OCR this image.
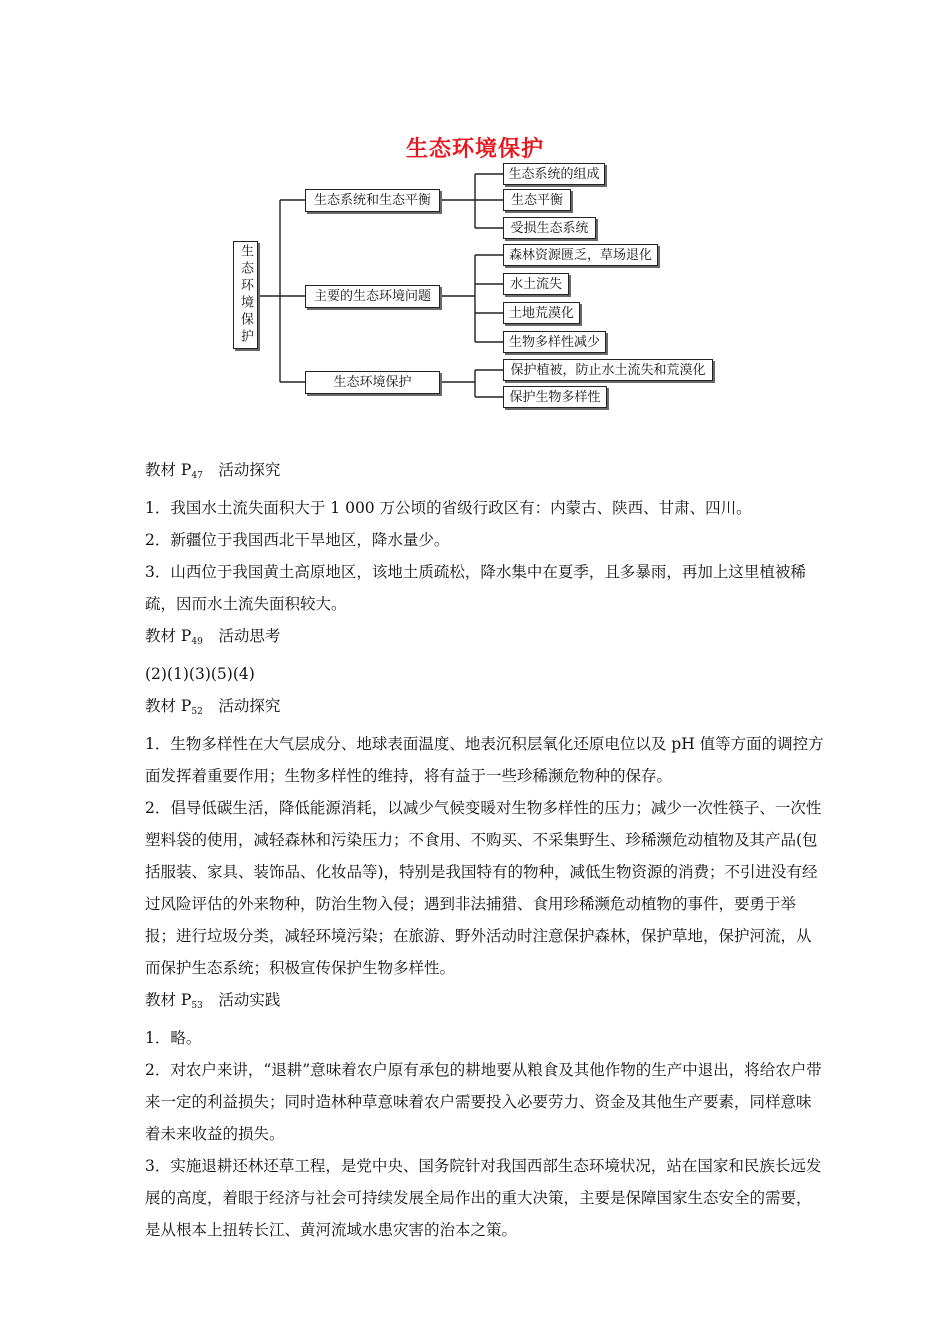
生态环境保护
生态环境保护
生态系统和生态平衡
主要的生态环境问题
生态环境保护
生态系统的组成
生态平衡
受损生态系统
森林资源匮乏，草场退化
水土流失
土地荒漠化
生物多样性减少
保护植被，防止水土流失和荒漠化
保护生物多样性

教材 $P_{47}$　活动探究

1．我国水土流失面积大于 1 000 万公顷的省级行政区有：内蒙古、陕西、甘肃、四川。

2．新疆位于我国西北干旱地区，降水量少。

3．山西位于我国黄土高原地区，该地土质疏松，降水集中在夏季，且多暴雨，再加上这里植被稀疏，因而水土流失面积较大。

教材 $P_{49}$　活动思考

(2)(1)(3)(5)(4)

教材 $P_{52}$　活动探究

1．生物多样性在大气层成分、地球表面温度、地表沉积层氧化还原电位以及 pH 值等方面的调控方面发挥着重要作用；生物多样性的维持，将有益于一些珍稀濒危物种的保存。

2．倡导低碳生活，降低能源消耗，以减少气候变暖对生物多样性的压力；减少一次性筷子、一次性塑料袋的使用，减轻森林和污染压力；不食用、不购买、不采集野生、珍稀濒危动植物及其产品(包括服装、家具、装饰品、化妆品等)，特别是我国特有的物种，减低生物资源的消费；不引进没有经过风险评估的外来物种，防治生物入侵；遇到非法捕猎、食用珍稀濒危动植物的事件，要勇于举报；进行垃圾分类，减轻环境污染；在旅游、野外活动时注意保护森林，保护草地，保护河流，从而保护生态系统；积极宣传保护生物多样性。

教材 $P_{53}$　活动实践

1．略。

2．对农户来讲，“退耕”意味着农户原有承包的耕地要从粮食及其他作物的生产中退出，将给农户带来一定的利益损失；同时造林种草意味着农户需要投入必要劳力、资金及其他生产要素，同样意味着未来收益的损失。

3．实施退耕还林还草工程，是党中央、国务院针对我国西部生态环境状况，站在国家和民族长远发展的高度，着眼于经济与社会可持续发展全局作出的重大决策，主要是保障国家生态安全的需要，是从根本上扭转长江、黄河流域水患灾害的治本之策。
